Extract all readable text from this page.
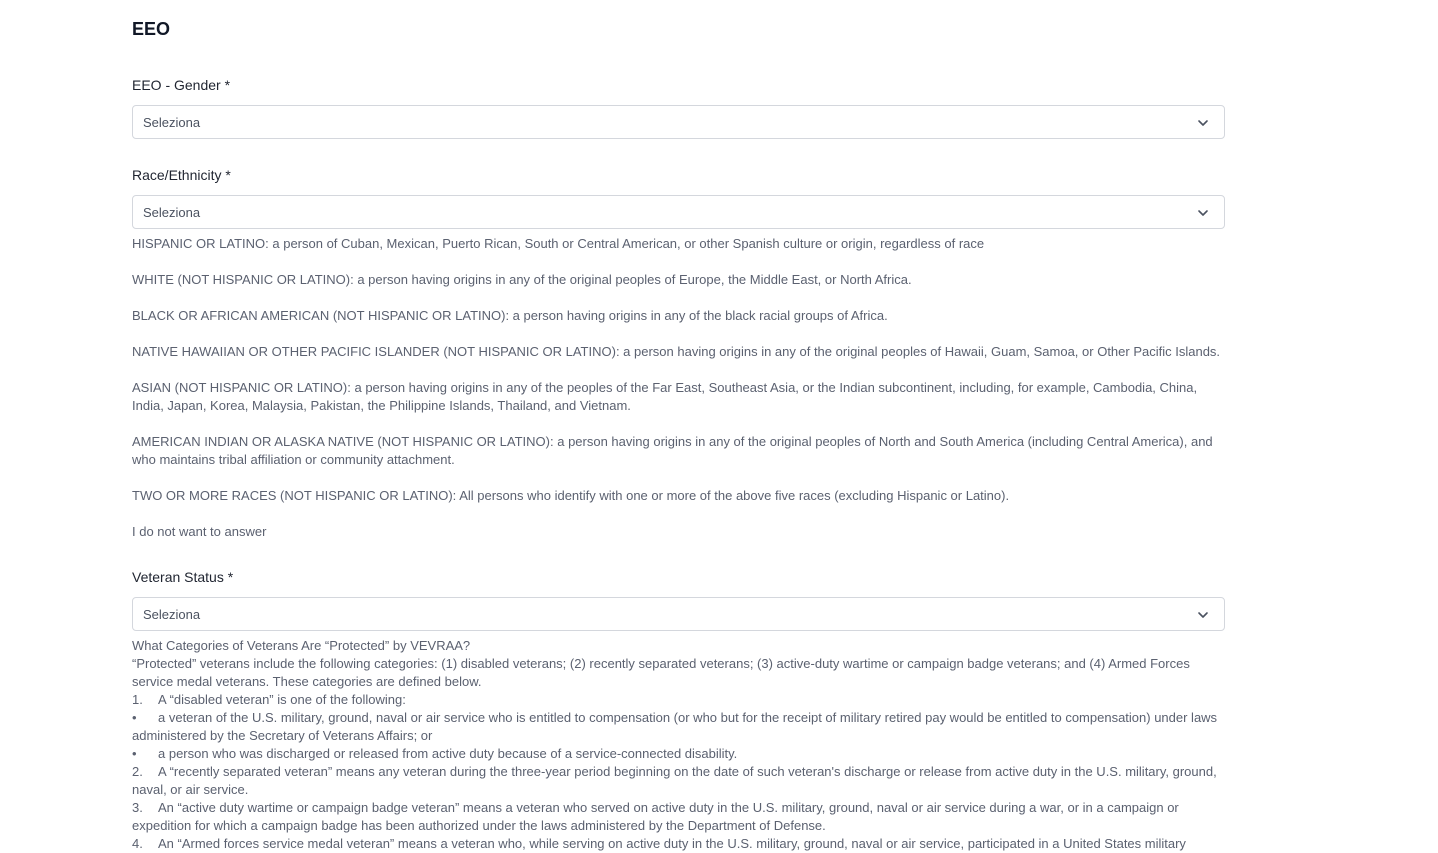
EEO
EEO - Gender *
Seleziona
Race/Ethnicity *
Seleziona

HISPANIC OR LATINO: a person of Cuban, Mexican, Puerto Rican, South or Central American, or other Spanish culture or origin, regardless of race

WHITE (NOT HISPANIC OR LATINO): a person having origins in any of the original peoples of Europe, the Middle East, or North Africa.

BLACK OR AFRICAN AMERICAN (NOT HISPANIC OR LATINO): a person having origins in any of the black racial groups of Africa.

NATIVE HAWAIIAN OR OTHER PACIFIC ISLANDER (NOT HISPANIC OR LATINO): a person having origins in any of the original peoples of Hawaii, Guam, Samoa, or Other Pacific Islands.

ASIAN (NOT HISPANIC OR LATINO): a person having origins in any of the peoples of the Far East, Southeast Asia, or the Indian subcontinent, including, for example, Cambodia, China, India, Japan, Korea, Malaysia, Pakistan, the Philippine Islands, Thailand, and Vietnam.

AMERICAN INDIAN OR ALASKA NATIVE (NOT HISPANIC OR LATINO): a person having origins in any of the original peoples of North and South America (including Central America), and who maintains tribal affiliation or community attachment.

TWO OR MORE RACES (NOT HISPANIC OR LATINO): All persons who identify with one or more of the above five races (excluding Hispanic or Latino).

I do not want to answer

Veteran Status *
Seleziona
What Categories of Veterans Are “Protected” by VEVRAA?
“Protected” veterans include the following categories: (1) disabled veterans; (2) recently separated veterans; (3) active-duty wartime or campaign badge veterans; and (4) Armed Forces service medal veterans. These categories are defined below.
1. A “disabled veteran” is one of the following:
• a veteran of the U.S. military, ground, naval or air service who is entitled to compensation (or who but for the receipt of military retired pay would be entitled to compensation) under laws administered by the Secretary of Veterans Affairs; or
• a person who was discharged or released from active duty because of a service-connected disability.
2. A “recently separated veteran” means any veteran during the three-year period beginning on the date of such veteran's discharge or release from active duty in the U.S. military, ground, naval, or air service.
3. An “active duty wartime or campaign badge veteran” means a veteran who served on active duty in the U.S. military, ground, naval or air service during a war, or in a campaign or expedition for which a campaign badge has been authorized under the laws administered by the Department of Defense.
4. An “Armed forces service medal veteran” means a veteran who, while serving on active duty in the U.S. military, ground, naval or air service, participated in a United States military
